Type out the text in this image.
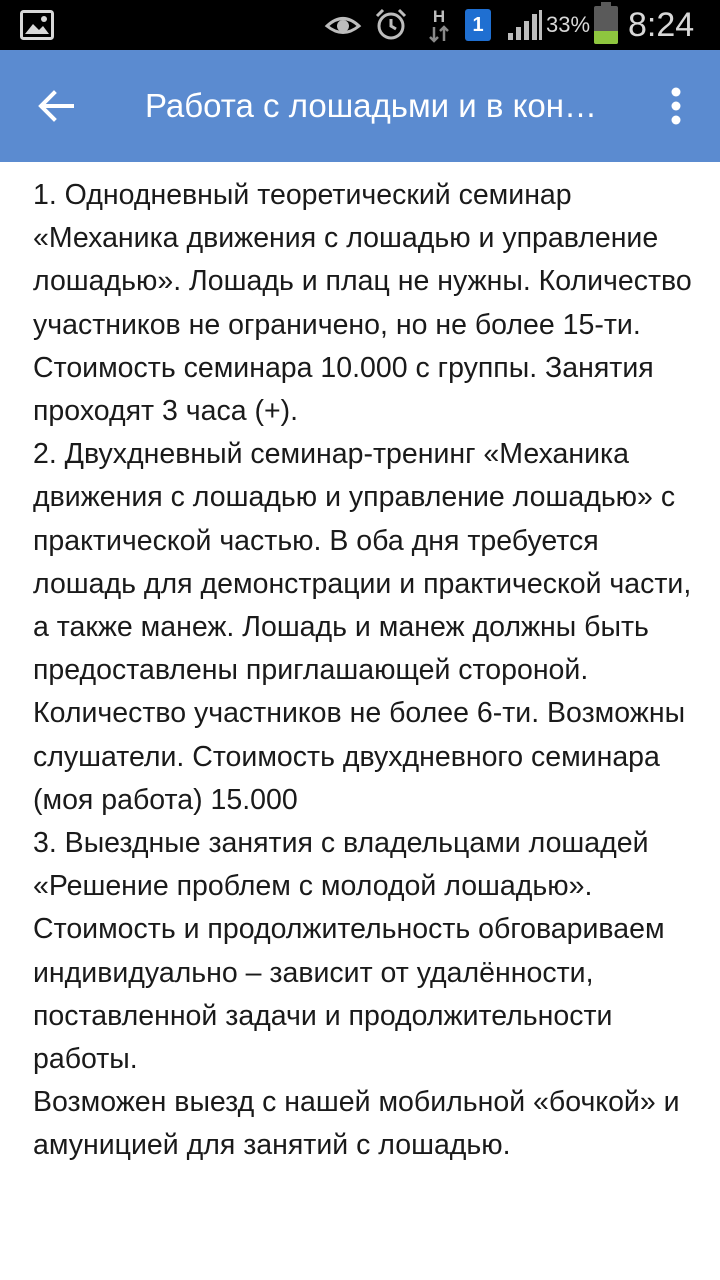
H 1	33% 8:24
Работа с лошадьми и в кон…

1. Однодневный теоретический семинар «Механика движения с лошадью и управление лошадью». Лошадь и плац не нужны. Количество участников не ограничено, но не более 15-ти. Стоимость семинара 10.000 с группы. Занятия проходят 3 часа (+).
2. Двухдневный семинар-тренинг «Механика движения с лошадью и управление лошадью» с практической частью. В оба дня требуется лошадь для демонстрации и практической части, а также манеж. Лошадь и манеж должны быть предоставлены приглашающей стороной. Количество участников не более 6-ти. Возможны слушатели. Стоимость двухдневного семинара (моя работа) 15.000
3. Выездные занятия с владельцами лошадей «Решение проблем с молодой лошадью». Стоимость и продолжительность обговариваем индивидуально – зависит от удалённости, поставленной задачи и продолжительности работы.
Возможен выезд с нашей мобильной «бочкой» и амуницией для занятий с лошадью.
